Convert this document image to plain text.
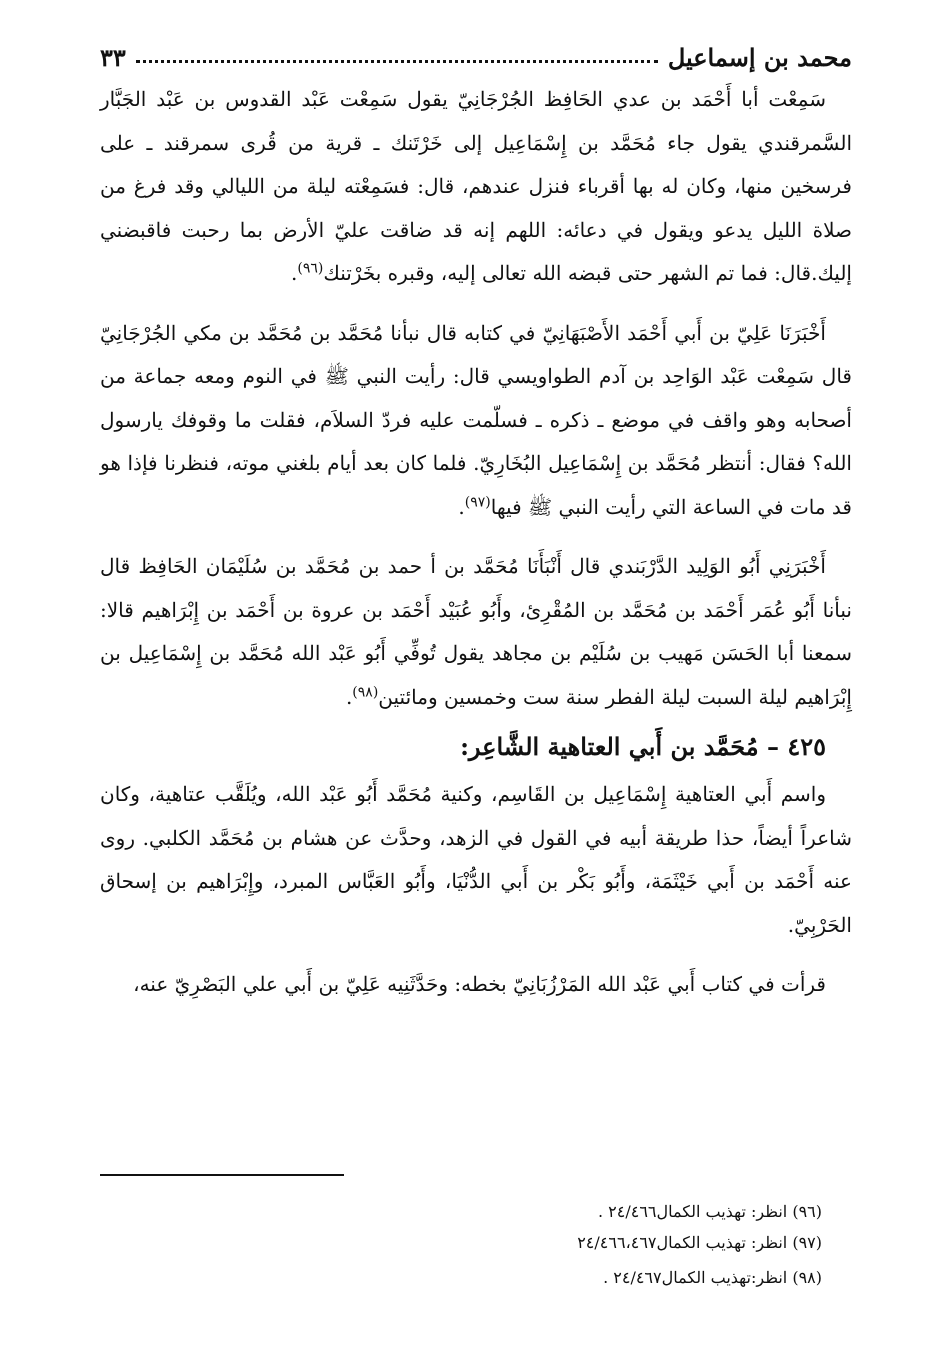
محمد بن إسماعيل
٣٣

سَمِعْت أبا أَحْمَد بن عدي الحَافِظ الجُرْجَانِيّ يقول سَمِعْت عَبْد القدوس بن عَبْد الجَبَّار السَّمرقندي يقول جاء مُحَمَّد بن إِسْمَاعِيل إلى خَرْتَنك ـ قرية من قُرى سمرقند ـ على فرسخين منها، وكان له بها أقرباء فنزل عندهم، قال: فسَمِعْته ليلة من الليالي وقد فرغ من صلاة الليل يدعو ويقول في دعائه: اللهم إنه قد ضاقت عليّ الأرض بما رحبت فاقبضني إليك.قال: فما تم الشهر حتى قبضه الله تعالى إليه، وقبره بخَرْتنك$^{(٩٦)}$.

أَخْبَرَنَا عَلِيّ بن أَبي أَحْمَد الأَصْبَهَانِيّ في كتابه قال نبأنا مُحَمَّد بن مُحَمَّد بن مكي الجُرْجَانِيّ قال سَمِعْت عَبْد الوَاحِد بن آدم الطواويسي قال: رأيت النبي ﷺ في النوم ومعه جماعة من أصحابه وهو واقف في موضع ـ ذكره ـ فسلّمت عليه فردّ السلاَم، فقلت ما وقوفك يارسول الله؟ فقال: أنتظر مُحَمَّد بن إِسْمَاعِيل البُخَارِيّ. فلما كان بعد أيام بلغني موته، فنظرنا فإذا هو قد مات في الساعة التي رأيت النبي ﷺ فيها$^{(٩٧)}$.

أَخْبَرَنِي أَبُو الوَلِيد الدَّرْبَندي قال أَنْبَأَنَا مُحَمَّد بن أ حمد بن مُحَمَّد بن سُلَيْمَان الحَافِظ قال نبأنا أَبُو عُمَر أَحْمَد بن مُحَمَّد بن المُقْرِئ، وأَبُو عُبَيْد أَحْمَد بن عروة بن أَحْمَد بن إِبْرَاهيم قالا: سمعنا أبا الحَسَن مَهيب بن سُلَيْم بن مجاهد يقول تُوفِّي أَبُو عَبْد الله مُحَمَّد بن إِسْمَاعِيل بن إِبْرَاهيم ليلة السبت ليلة الفطر سنة ست وخمسين ومائتين$^{(٩٨)}$.

٤٢٥ – مُحَمَّد بن أَبي العتاهية الشَّاعِر:

واسم أَبي العتاهية إِسْمَاعِيل بن القَاسِم، وكنية مُحَمَّد أَبُو عَبْد الله، ويُلَقَّب عتاهية، وكان شاعراً أيضاً، حذا طريقة أبيه في القول في الزهد، وحدَّث عن هشام بن مُحَمَّد الكلبي. روى عنه أَحْمَد بن أَبي خَيْثَمَة، وأَبُو بَكْر بن أَبي الدُّنْيَا، وأَبُو العَبَّاس المبرد، وإِبْرَاهيم بن إسحاق الحَرْبِيّ.

قرأت في كتاب أَبي عَبْد الله المَرْزُبَانِيّ بخطه: وحَدَّثَنِيه عَلِيّ بن أَبي علي البَصْرِيّ عنه،

(٩٦) انظر: تهذيب الكمال٢٤/٤٦٦ .
(٩٧) انظر: تهذيب الكمال٢٤/٤٦٦،٤٦٧
(٩٨) انظر:تهذيب الكمال٢٤/٤٦٧ .
